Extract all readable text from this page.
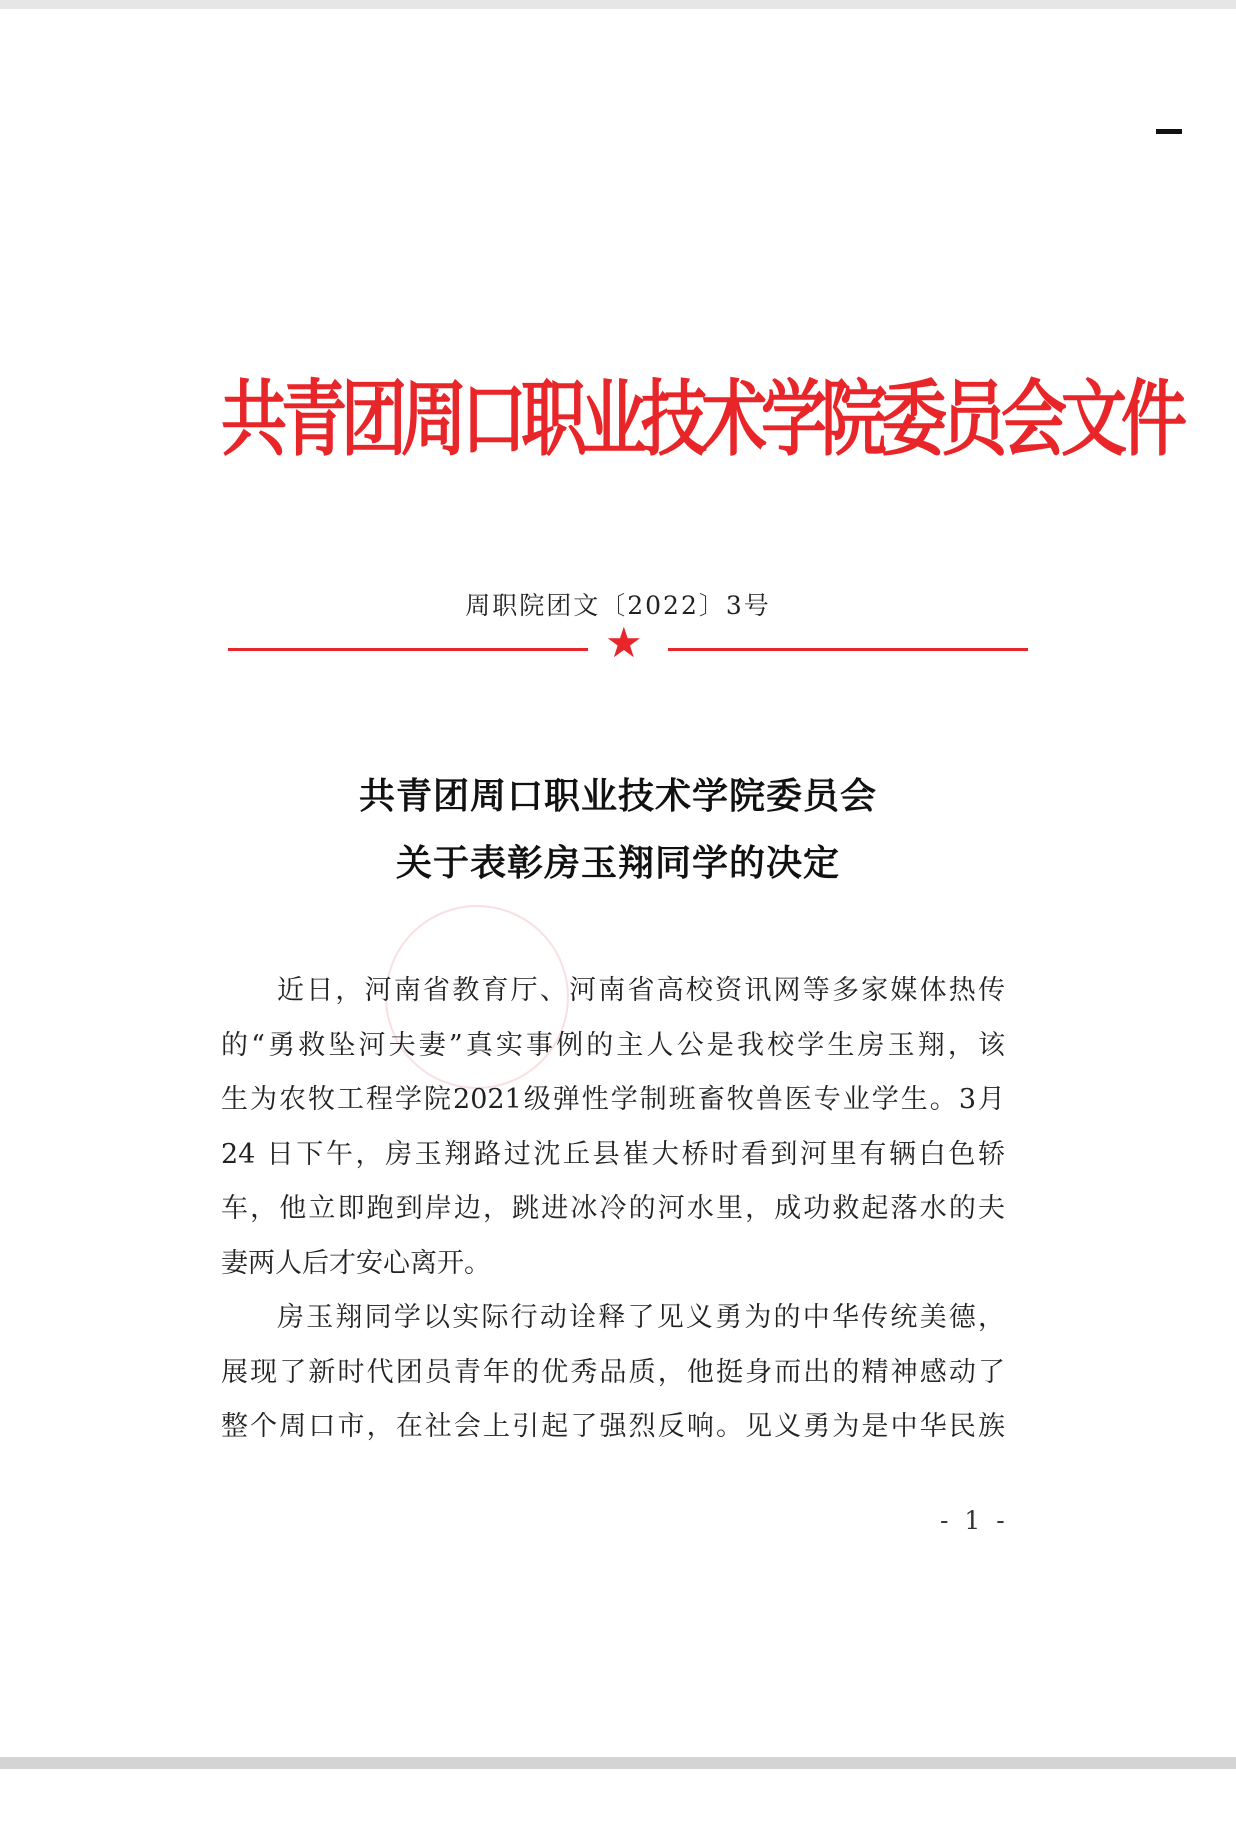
共青团周口职业技术学院委员会文件
周职院团文〔2022〕3号
★
共青团周口职业技术学院委员会
关于表彰房玉翔同学的决定
近日，河南省教育厅、河南省高校资讯网等多家媒体热传
的“勇救坠河夫妻”真实事例的主人公是我校学生房玉翔，该
生为农牧工程学院2021级弹性学制班畜牧兽医专业学生。3月
24 日下午，房玉翔路过沈丘县崔大桥时看到河里有辆白色轿
车，他立即跑到岸边，跳进冰冷的河水里，成功救起落水的夫
妻两人后才安心离开。
房玉翔同学以实际行动诠释了见义勇为的中华传统美德，
展现了新时代团员青年的优秀品质，他挺身而出的精神感动了
整个周口市，在社会上引起了强烈反响。见义勇为是中华民族
- 1 -
